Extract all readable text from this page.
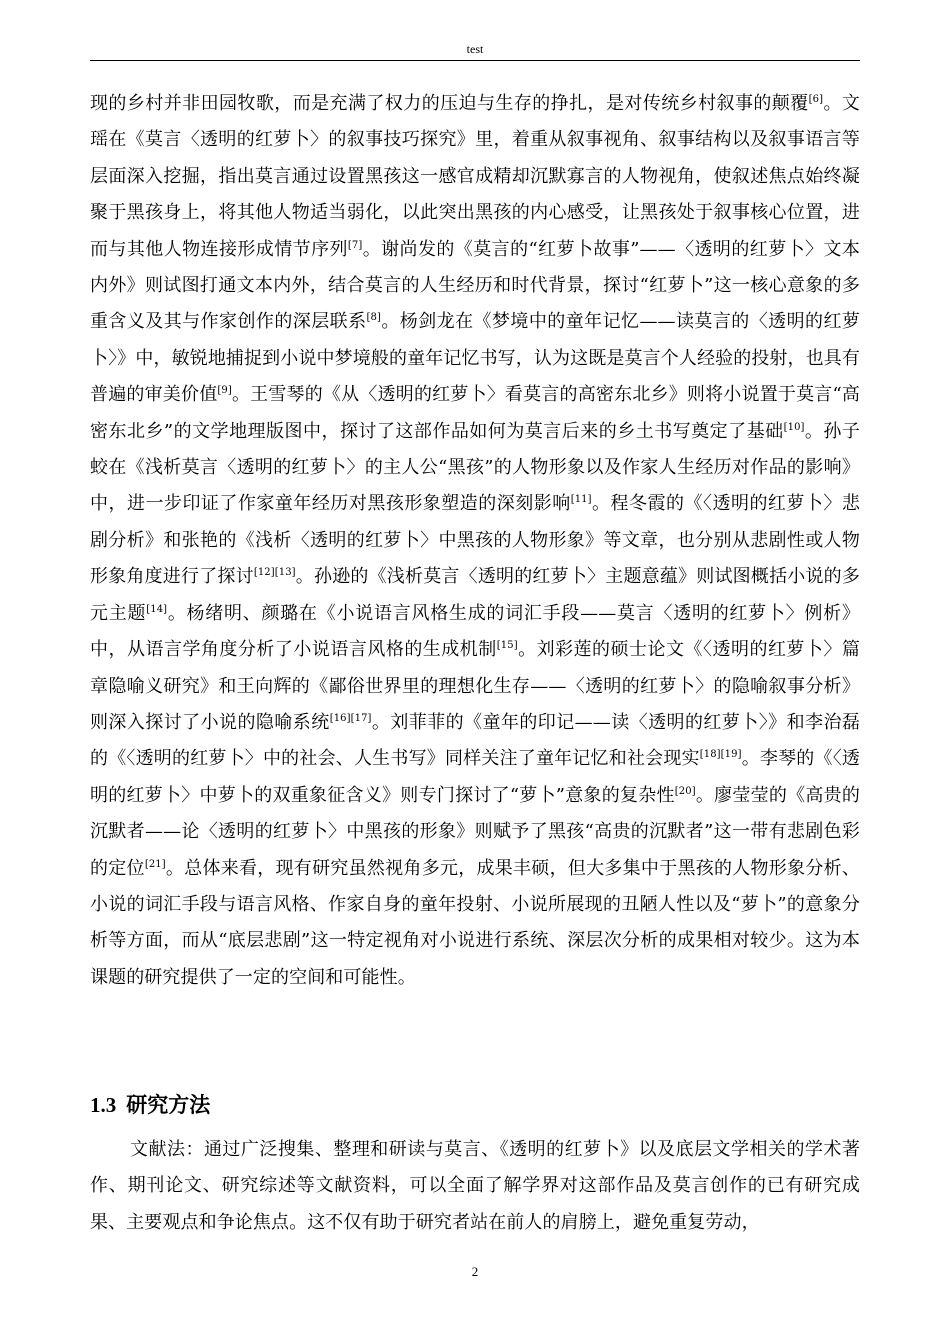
test

现的乡村并非田园牧歌，而是充满了权力的压迫与生存的挣扎，是对传统乡村叙事的颠覆[6]。文瑶在《莫言〈透明的红萝卜〉的叙事技巧探究》里，着重从叙事视角、叙事结构以及叙事语言等层面深入挖掘，指出莫言通过设置黑孩这一感官成精却沉默寡言的人物视角，使叙述焦点始终凝聚于黑孩身上，将其他人物适当弱化，以此突出黑孩的内心感受，让黑孩处于叙事核心位置，进而与其他人物连接形成情节序列[7]。谢尚发的《莫言的“红萝卜故事”——〈透明的红萝卜〉文本内外》则试图打通文本内外，结合莫言的人生经历和时代背景，探讨“红萝卜”这一核心意象的多重含义及其与作家创作的深层联系[8]。杨剑龙在《梦境中的童年记忆——读莫言的〈透明的红萝卜〉》中，敏锐地捕捉到小说中梦境般的童年记忆书写，认为这既是莫言个人经验的投射，也具有普遍的审美价值[9]。王雪琴的《从〈透明的红萝卜〉看莫言的高密东北乡》则将小说置于莫言“高密东北乡”的文学地理版图中，探讨了这部作品如何为莫言后来的乡土书写奠定了基础[10]。孙子蛟在《浅析莫言〈透明的红萝卜〉的主人公“黑孩”的人物形象以及作家人生经历对作品的影响》中，进一步印证了作家童年经历对黑孩形象塑造的深刻影响[11]。程冬霞的《〈透明的红萝卜〉悲剧分析》和张艳的《浅析〈透明的红萝卜〉中黑孩的人物形象》等文章，也分别从悲剧性或人物形象角度进行了探讨[12][13]。孙逊的《浅析莫言〈透明的红萝卜〉主题意蕴》则试图概括小说的多元主题[14]。杨绪明、颜璐在《小说语言风格生成的词汇手段——莫言〈透明的红萝卜〉例析》中，从语言学角度分析了小说语言风格的生成机制[15]。刘彩莲的硕士论文《〈透明的红萝卜〉篇章隐喻义研究》和王向辉的《鄙俗世界里的理想化生存——〈透明的红萝卜〉的隐喻叙事分析》则深入探讨了小说的隐喻系统[16][17]。刘菲菲的《童年的印记——读〈透明的红萝卜〉》和李治磊的《〈透明的红萝卜〉中的社会、人生书写》同样关注了童年记忆和社会现实[18][19]。李琴的《〈透明的红萝卜〉中萝卜的双重象征含义》则专门探讨了“萝卜”意象的复杂性[20]。廖莹莹的《高贵的沉默者——论〈透明的红萝卜〉中黑孩的形象》则赋予了黑孩“高贵的沉默者”这一带有悲剧色彩的定位[21]。总体来看，现有研究虽然视角多元，成果丰硕，但大多集中于黑孩的人物形象分析、小说的词汇手段与语言风格、作家自身的童年投射、小说所展现的丑陋人性以及“萝卜”的意象分析等方面，而从“底层悲剧”这一特定视角对小说进行系统、深层次分析的成果相对较少。这为本课题的研究提供了一定的空间和可能性。

1.3 研究方法

文献法：通过广泛搜集、整理和研读与莫言、《透明的红萝卜》以及底层文学相关的学术著作、期刊论文、研究综述等文献资料，可以全面了解学界对这部作品及莫言创作的已有研究成果、主要观点和争论焦点。这不仅有助于研究者站在前人的肩膀上，避免重复劳动，

2
